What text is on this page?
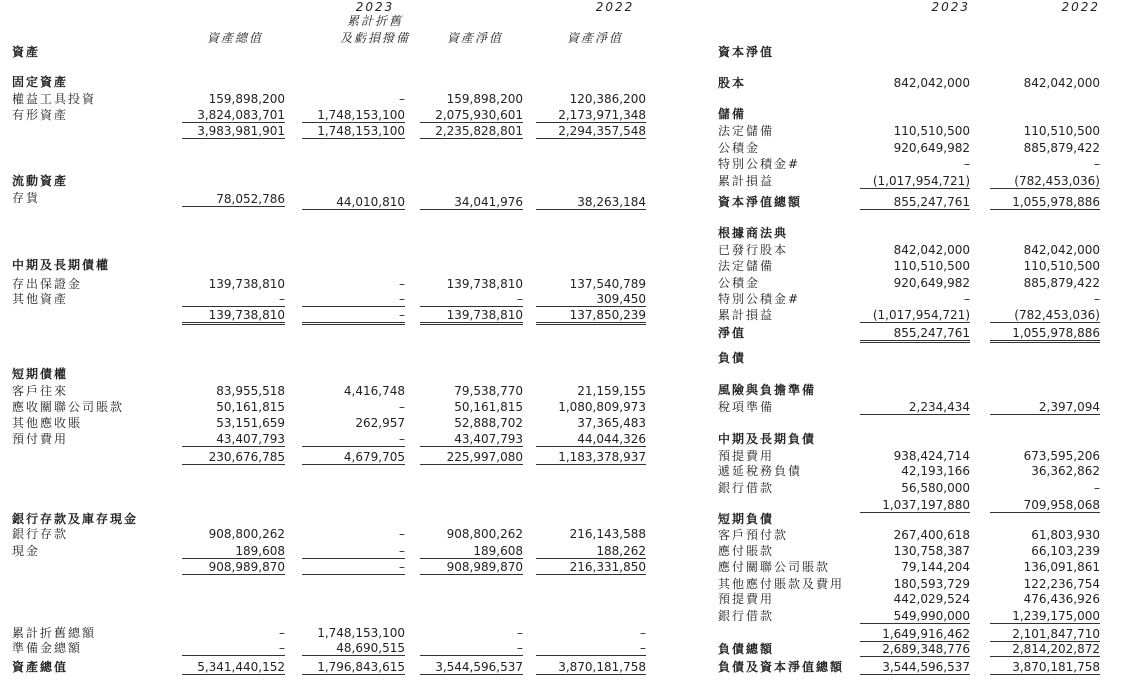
2023	2022
累計折舊
資產總值	及虧損撥備	資產淨值	資產淨值
資產
2023	2022
資本淨值
固定資產
權益工具投資	159,898,200	–	159,898,200	120,386,200
有形資產	3,824,083,701	1,748,153,100	2,075,930,601	2,173,971,348
3,983,981,901	1,748,153,100	2,235,828,801	2,294,357,548
流動資產
存貨	78,052,786	44,010,810	34,041,976	38,263,184
中期及長期債權
存出保證金	139,738,810	–	139,738,810	137,540,789
其他資產	–	–	–	309,450
139,738,810	–	139,738,810	137,850,239
短期債權
客戶往來	83,955,518	4,416,748	79,538,770	21,159,155
應收關聯公司賬款	50,161,815	–	50,161,815	1,080,809,973
其他應收賬	53,151,659	262,957	52,888,702	37,365,483
預付費用	43,407,793	–	43,407,793	44,044,326
230,676,785	4,679,705	225,997,080	1,183,378,937
銀行存款及庫存現金
銀行存款	908,800,262	–	908,800,262	216,143,588
現金	189,608	–	189,608	188,262
908,989,870	–	908,989,870	216,331,850
累計折舊總額	–	1,748,153,100	–	–
準備金總額	–	48,690,515	–	–
資產總值	5,341,440,152	1,796,843,615	3,544,596,537	3,870,181,758
股本	842,042,000	842,042,000
儲備
法定儲備	110,510,500	110,510,500
公積金	920,649,982	885,879,422
特別公積金#	–	–
累計損益	(1,017,954,721)	(782,453,036)
資本淨值總額	855,247,761	1,055,978,886
根據商法典
已發行股本	842,042,000	842,042,000
法定儲備	110,510,500	110,510,500
公積金	920,649,982	885,879,422
特別公積金#	–	–
累計損益	(1,017,954,721)	(782,453,036)
淨值	855,247,761	1,055,978,886
負債
風險與負擔準備
稅項準備	2,234,434	2,397,094
中期及長期負債
預提費用	938,424,714	673,595,206
遞延稅務負債	42,193,166	36,362,862
銀行借款	56,580,000	–
1,037,197,880	709,958,068
短期負債
客戶預付款	267,400,618	61,803,930
應付賬款	130,758,387	66,103,239
應付關聯公司賬款	79,144,204	136,091,861
其他應付賬款及費用	180,593,729	122,236,754
預提費用	442,029,524	476,436,926
銀行借款	549,990,000	1,239,175,000
1,649,916,462	2,101,847,710
負債總額	2,689,348,776	2,814,202,872
負債及資本淨值總額	3,544,596,537	3,870,181,758
